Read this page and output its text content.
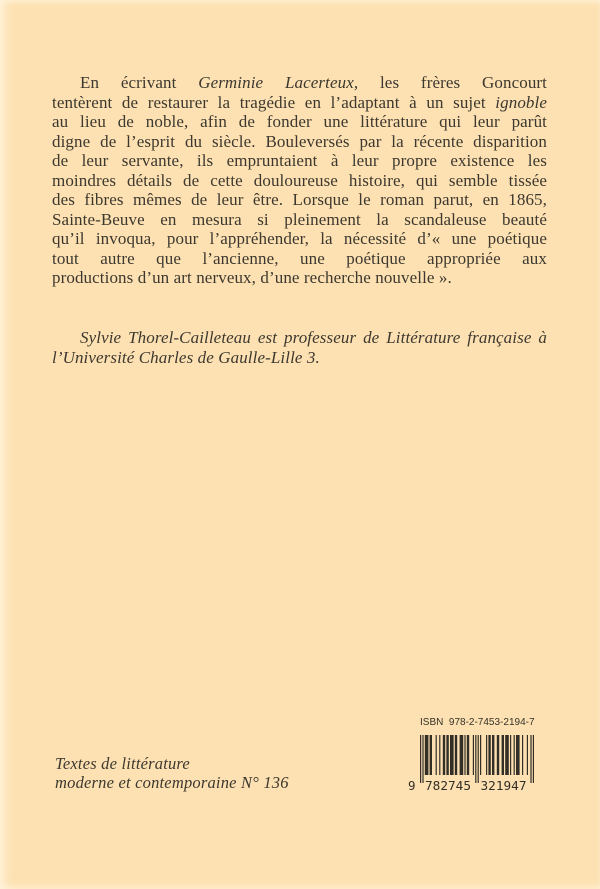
En écrivant Germinie Lacerteux, les frères Goncourt
tentèrent de restaurer la tragédie en l’adaptant à un sujet ignoble
au lieu de noble, afin de fonder une littérature qui leur parût
digne de l’esprit du siècle. Bouleversés par la récente disparition
de leur servante, ils empruntaient à leur propre existence les
moindres détails de cette douloureuse histoire, qui semble tissée
des fibres mêmes de leur être. Lorsque le roman parut, en 1865,
Sainte-Beuve en mesura si pleinement la scandaleuse beauté
qu’il invoqua, pour l’appréhender, la nécessité d’« une poétique
tout autre que l’ancienne, une poétique appropriée aux
productions d’un art nerveux, d’une recherche nouvelle ».
Sylvie Thorel-Cailleteau est professeur de Littérature française à
l’Université Charles de Gaulle-Lille 3.
Textes de littérature
moderne et contemporaine N° 136
ISBN  978-2-7453-2194-7
9 782745 321947
